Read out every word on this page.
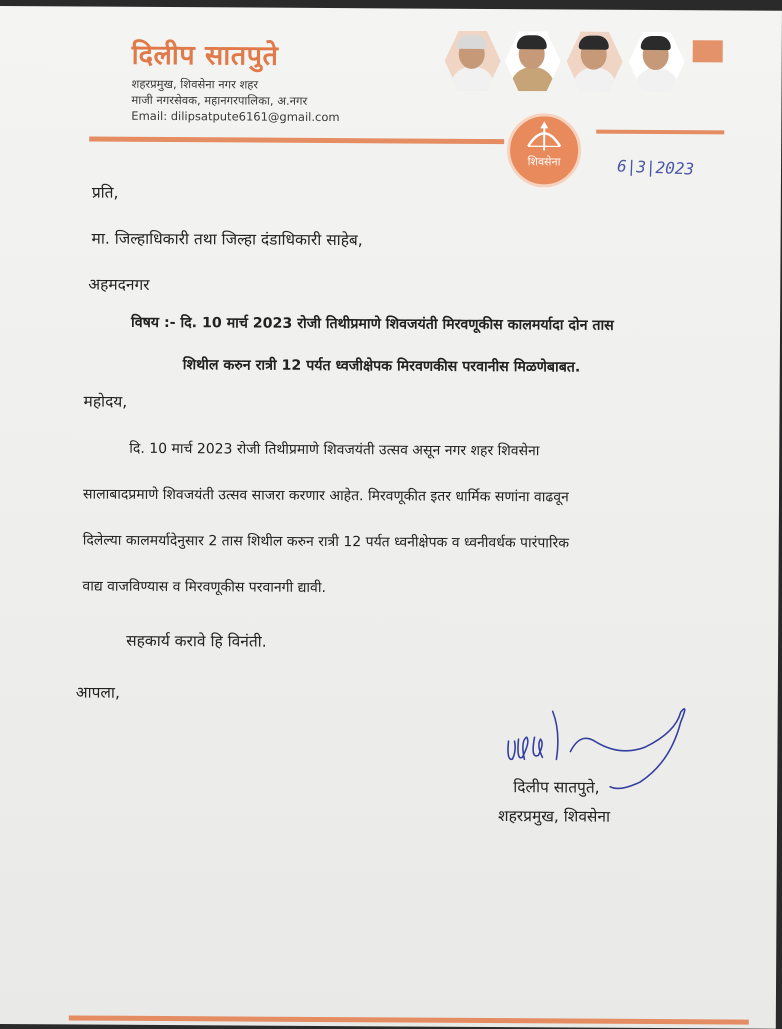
दिलीप सातपुते
शहरप्रमुख, शिवसेना नगर शहर
माजी नगरसेवक, महानगरपालिका, अ.नगर
Email: dilipsatpute6161@gmail.com
शिवसेना	6|3|2023
प्रति,
मा. जिल्हाधिकारी तथा जिल्हा दंडाधिकारी साहेब,
अहमदनगर
विषय :- दि. 10 मार्च 2023 रोजी तिथीप्रमाणे शिवजयंती मिरवणूकीस कालमर्यादा दोन तास
शिथील करुन रात्री 12 पर्यत ध्वजीक्षेपक मिरवणकीस परवानीस मिळणेबाबत.
महोदय,
दि. 10 मार्च 2023 रोजी तिथीप्रमाणे शिवजयंती उत्सव असून नगर शहर शिवसेना
सालाबादप्रमाणे शिवजयंती उत्सव साजरा करणार आहेत. मिरवणूकीत इतर धार्मिक सणांना वाढवून
दिलेल्या कालमर्यादेनुसार 2 तास शिथील करुन रात्री 12 पर्यत ध्वनीक्षेपक व ध्वनीवर्धक पारंपारिक
वाद्य वाजविण्यास व मिरवणूकीस परवानगी द्यावी.
सहकार्य करावे हि विनंती.
आपला,
दिलीप सातपुते,
शहरप्रमुख, शिवसेना
